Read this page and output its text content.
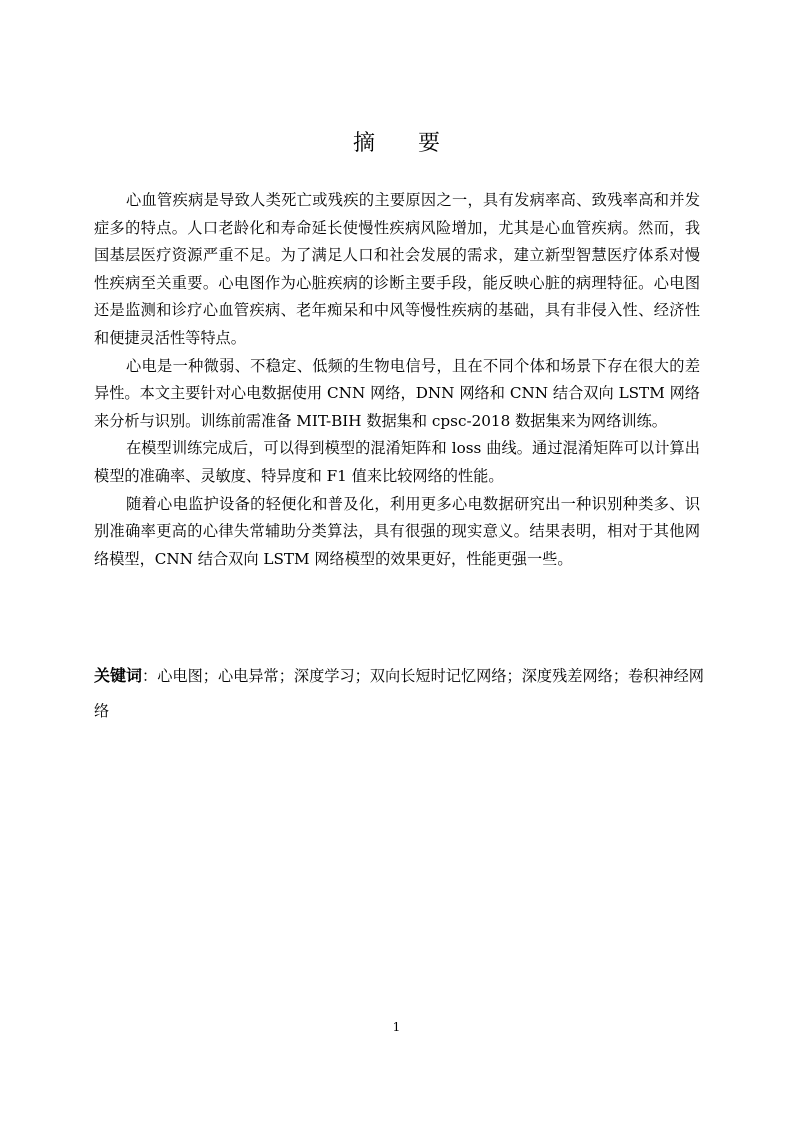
摘 要

心血管疾病是导致人类死亡或残疾的主要原因之一，具有发病率高、致残率高和并发症多的特点。人口老龄化和寿命延长使慢性疾病风险增加，尤其是心血管疾病。然而，我国基层医疗资源严重不足。为了满足人口和社会发展的需求，建立新型智慧医疗体系对慢性疾病至关重要。心电图作为心脏疾病的诊断主要手段，能反映心脏的病理特征。心电图还是监测和诊疗心血管疾病、老年痴呆和中风等慢性疾病的基础，具有非侵入性、经济性和便捷灵活性等特点。

心电是一种微弱、不稳定、低频的生物电信号，且在不同个体和场景下存在很大的差异性。本文主要针对心电数据使用 CNN 网络，DNN 网络和 CNN 结合双向 LSTM 网络来分析与识别。训练前需准备 MIT-BIH 数据集和 cpsc-2018 数据集来为网络训练。

在模型训练完成后，可以得到模型的混淆矩阵和 loss 曲线。通过混淆矩阵可以计算出模型的准确率、灵敏度、特异度和 F1 值来比较网络的性能。

随着心电监护设备的轻便化和普及化，利用更多心电数据研究出一种识别种类多、识别准确率更高的心律失常辅助分类算法，具有很强的现实意义。结果表明，相对于其他网络模型，CNN 结合双向 LSTM 网络模型的效果更好，性能更强一些。

关键词：心电图；心电异常；深度学习；双向长短时记忆网络；深度残差网络；卷积神经网络

1
